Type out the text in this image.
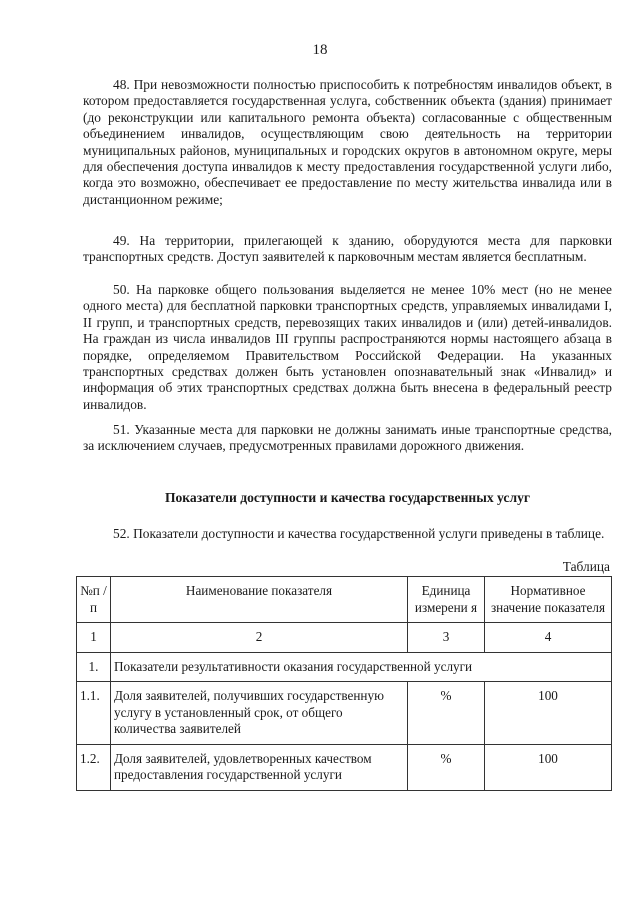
18

48. При невозможности полностью приспособить к потребностям инвалидов объект, в котором предоставляется государственная услуга, собственник объекта (здания) принимает (до реконструкции или капитального ремонта объекта) согласованные с общественным объединением инвалидов, осуществляющим свою деятельность на территории муниципальных районов, муниципальных и городских округов в автономном округе, меры для обеспечения доступа инвалидов к месту предоставления государственной услуги либо, когда это возможно, обеспечивает ее предоставление по месту жительства инвалида или в дистанционном режиме;

49. На территории, прилегающей к зданию, оборудуются места для парковки транспортных средств. Доступ заявителей к парковочным местам является бесплатным.

50. На парковке общего пользования выделяется не менее 10% мест (но не менее одного места) для бесплатной парковки транспортных средств, управляемых инвалидами I, II групп, и транспортных средств, перевозящих таких инвалидов и (или) детей-инвалидов. На граждан из числа инвалидов III группы распространяются нормы настоящего абзаца в порядке, определяемом Правительством Российской Федерации. На указанных транспортных средствах должен быть установлен опознавательный знак «Инвалид» и информация об этих транспортных средствах должна быть внесена в федеральный реестр инвалидов.

51. Указанные места для парковки не должны занимать иные транспортные средства, за исключением случаев, предусмотренных правилами дорожного движения.

Показатели доступности и качества государственных услуг

52. Показатели доступности и качества государственной услуги приведены в таблице.

Таблица
№п /п	Наименование показателя	Единица измерени я	Нормативное значение показателя
1	2	3	4
1.	Показатели результативности оказания государственной услуги		
1.1.	Доля заявителей, получивших государственную услугу в установленный срок, от общего количества заявителей	%	100
1.2.	Доля заявителей, удовлетворенных качеством предоставления государственной услуги	%	100
